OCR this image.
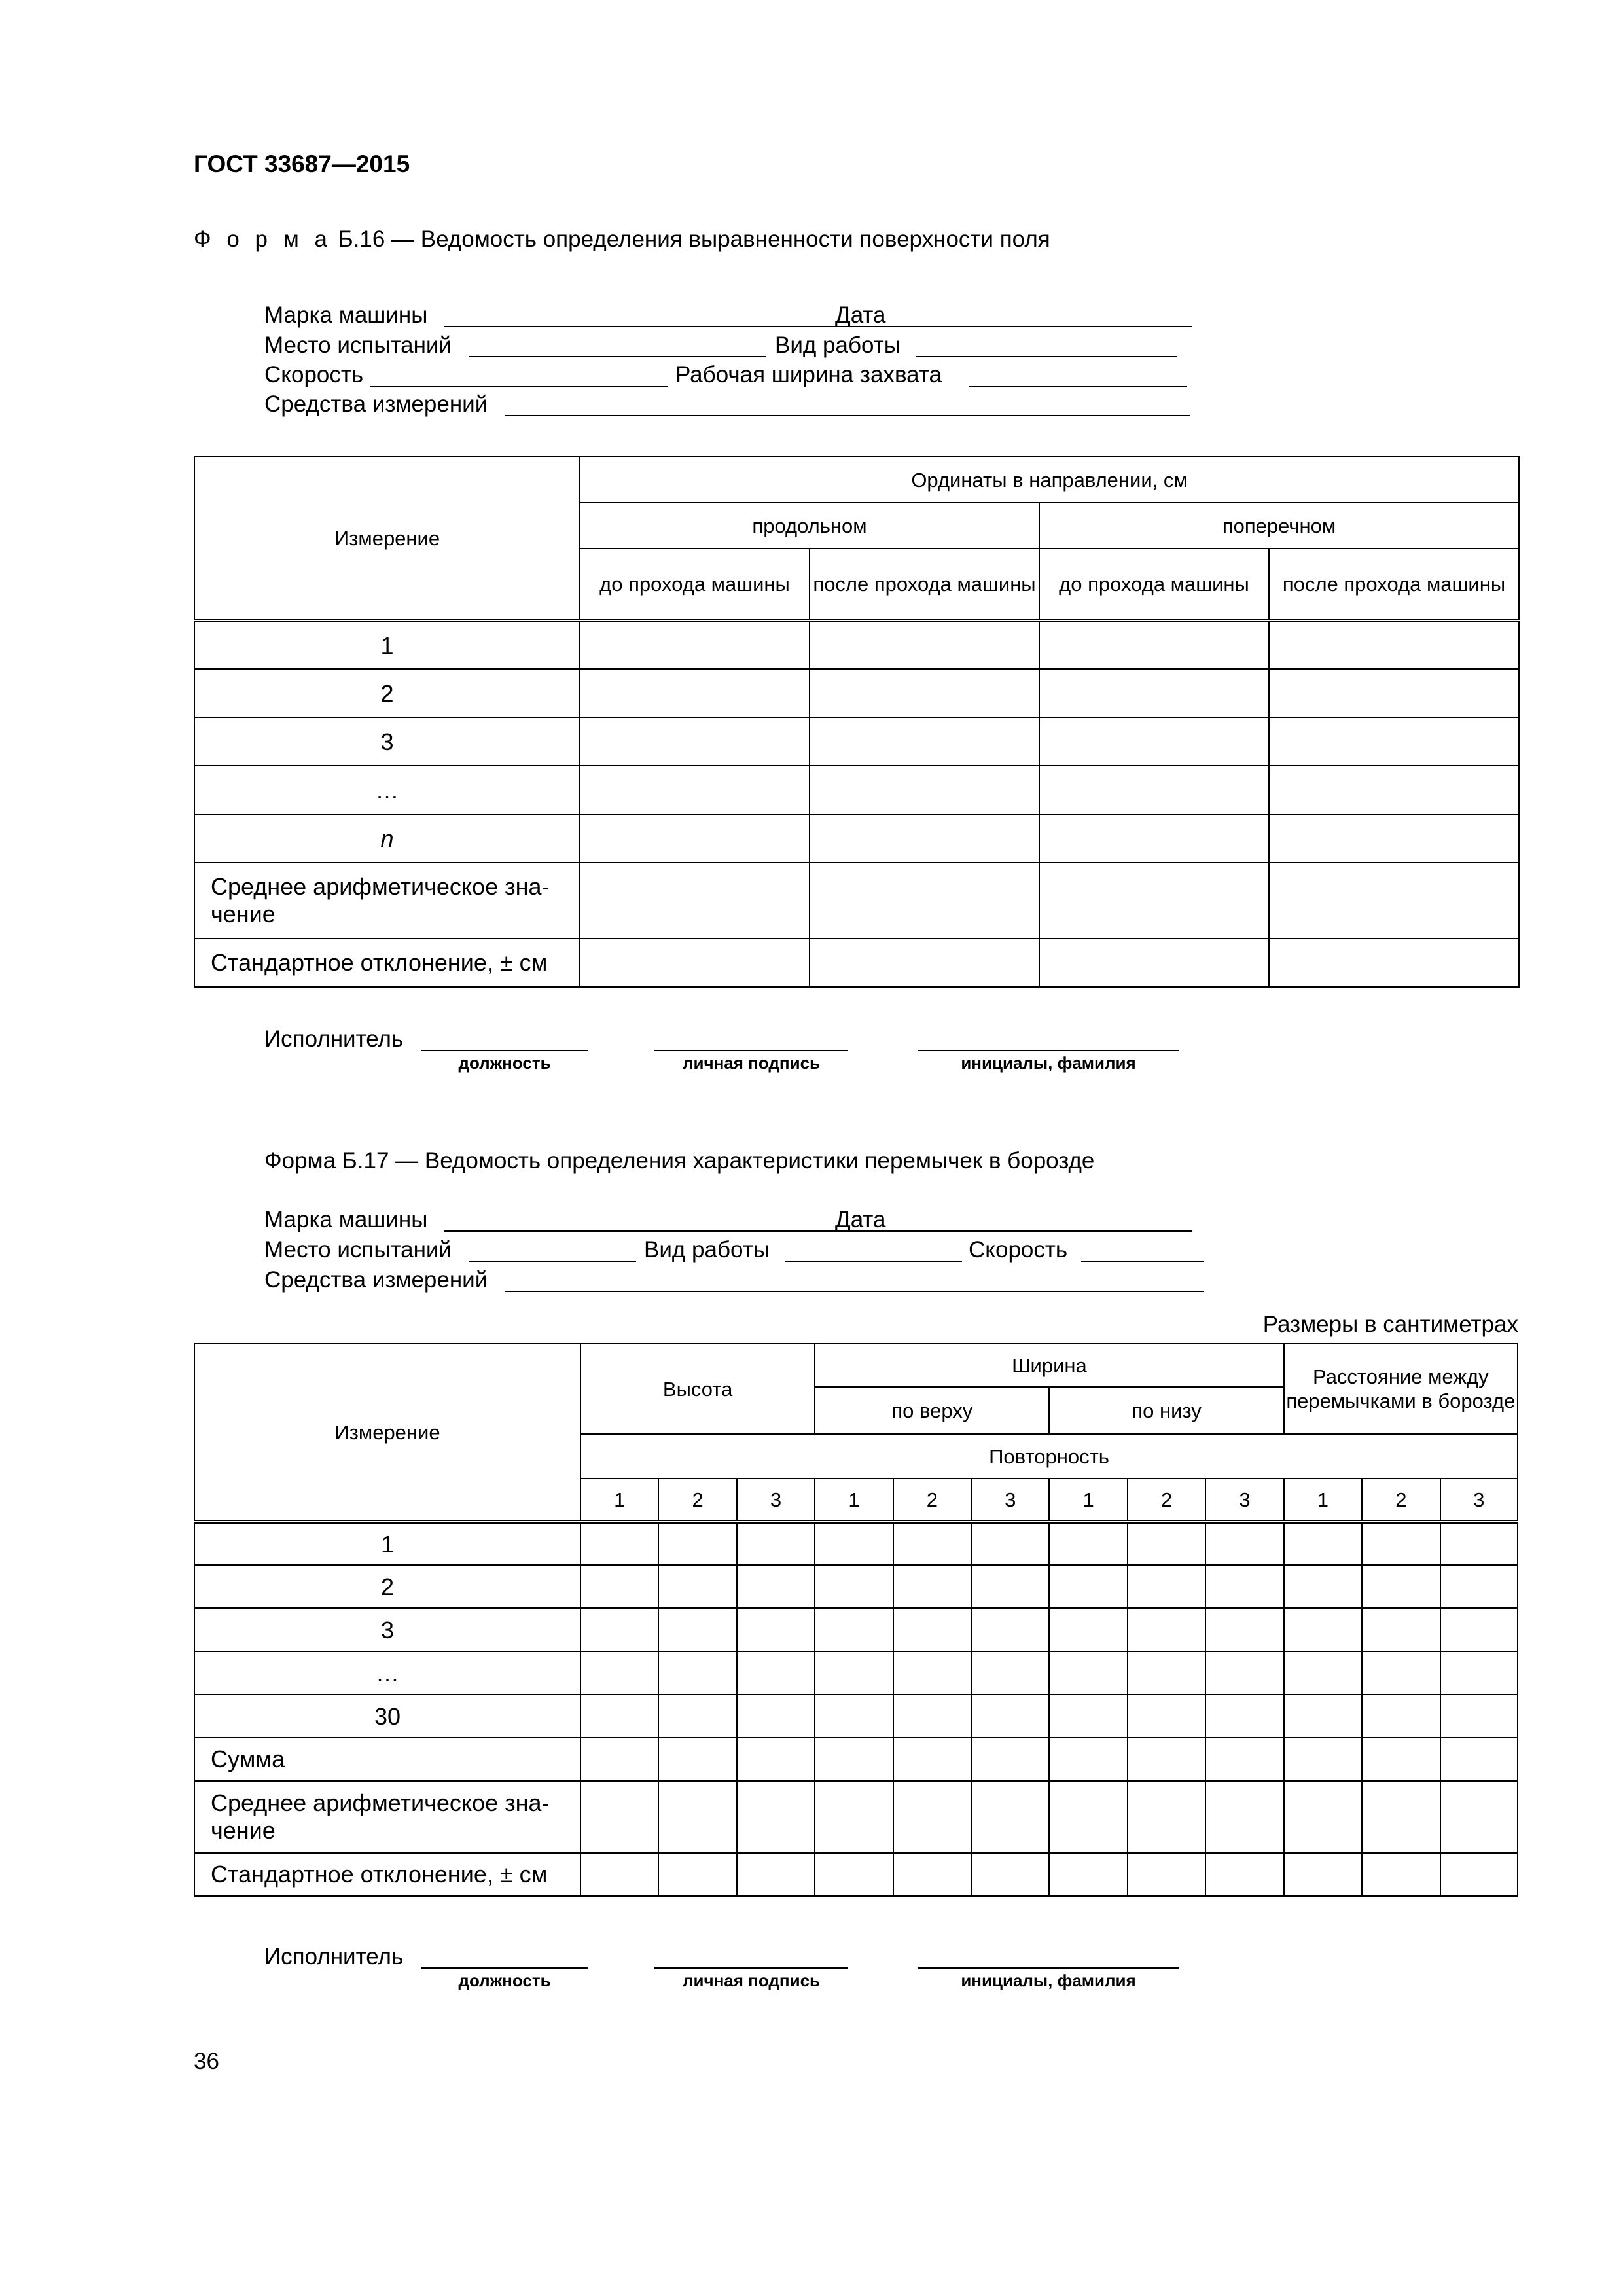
ГОСТ 33687—2015
Ф о р м а Б.16 — Ведомость определения выравненности поверхности поля
Марка машины	Дата
Место испытаний	Вид работы
Скорость	Рабочая ширина захвата
Средства измерений
Измерение	Ординаты в направлении, см			
	продольном		поперечном	
	до прохода машины	после прохода машины	до прохода машины	после прохода машины
1				
2				
3				
…				
n				
Среднее арифметическое зна-чение				
Стандартное отклонение, ± см				
Исполнитель
должность	личная подпись	инициалы, фамилия
Форма Б.17 — Ведомость определения характеристики перемычек в борозде
Марка машины	Дата
Место испытаний	Вид работы	Скорость
Средства измерений
Размеры в сантиметрах
Измерение	Высота			Ширина						Расстояние между перемычками в борозде		
				по верху			по низу					
	Повторность											
	1	2	3	1	2	3	1	2	3	1	2	3
1												
2												
3												
…												
30												
Сумма												
Среднее арифметическое зна-чение												
Стандартное отклонение, ± см												
Исполнитель
должность	личная подпись	инициалы, фамилия
36
